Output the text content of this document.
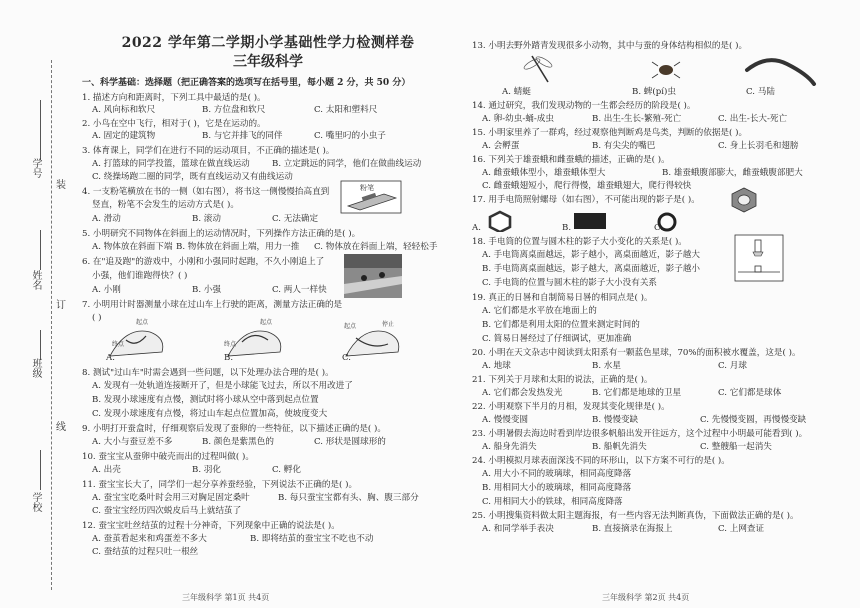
学号
姓名
班级
学校
装
订
线
2022 学年第二学期小学基础性学力检测样卷
三年级科学
一、科学基础：选择题（把正确答案的选项写在括号里，每小题 2 分，共 50 分）
1. 描述方向和距离时，下列工具中最适的是( )。
A. 风向标和软尺	B. 方位盘和软尺	C. 太阳和塑料尺
2. 小鸟在空中飞行，相对于( )，它是在运动的。
A. 固定的建筑物	B. 与它并排飞的同伴	C. 嘴里叼的小虫子
3. 体育课上，同学们在进行不同的运动项目，不正确的描述是( )。
A. 打篮球的同学投篮，篮球在做直线运动	B. 立定跳远的同学，他们在做曲线运动
C. 绕操场跑二圈的同学，既有直线运动又有曲线运动
4. 一支粉笔横放在书的一侧（如右图），将书这一侧慢慢抬高直到
竖直，粉笔不会发生的运动方式是( )。
A. 滑动	B. 滚动	C. 无法确定
粉笔
5. 小明研究不同物体在斜面上的运动情况时，下列操作方法正确的是( )。
A. 物体放在斜面下端 B. 物体放在斜面上端，用力一推 C. 物体放在斜面上端，轻轻松手
6. 在"追及跑"的游戏中，小刚和小强同时起跑，不久小刚追上了
小强，他们谁跑得快？( )
A. 小刚	B. 小强	C. 两人一样快
7. 小明用计时器测量小球在过山车上行驶的距离，测量方法正确的是
( )	起点
终点
起点
终点
停止
起点
A.	B.	C.
8. 测试"过山车"时需会遇到一些问题，以下处理办法合理的是( )。
A. 发现有一处轨道连接断开了，但是小球能飞过去，所以不用改进了
B. 发现小球速度有点慢，测试时将小球从空中落到起点位置
C. 发现小球速度有点慢，将过山车起点位置加高，使坡度变大
9. 小明打开蚕盒时，仔细观察后发现了蚕卵的一些特征，以下描述正确的是( )。
A. 大小与蚕豆差不多	B. 颜色是紫黑色的	C. 形状是圆球形的
10. 蚕宝宝从蚕卵中破壳而出的过程叫做( )。
A. 出壳	B. 羽化	C. 孵化
11. 蚕宝宝长大了，同学们一起分享养蚕经验，下列说法不正确的是( )。
A. 蚕宝宝吃桑叶时会用三对胸足固定桑叶	B. 每只蚕宝宝都有头、胸、腹三部分
C. 蚕宝宝经历四次蜕皮后马上就结茧了
12. 蚕宝宝吐丝结茧的过程十分神奇，下列现象中正确的说法是( )。
A. 蚕茧看起来和鸡蛋差不多大	B. 即将结茧的蚕宝宝不吃也不动
C. 蚕结茧的过程只吐一根丝
三年级科学 第1页 共4页
13. 小明去野外踏青发现很多小动物，其中与蚕的身体结构相似的是( )。
A. 蜻蜓	B. 蜱(pí)虫	C. 马陆
14. 通过研究，我们发现动物的一生都会经历的阶段是( )。
A. 卵-幼虫-蛹-成虫	B. 出生-生长-繁殖-死亡	C. 出生-长大-死亡
15. 小明家里养了一群鸡，经过观察他判断鸡是鸟类，判断的依据是( )。
A. 会孵蛋	B. 有尖尖的嘴巴	C. 身上长羽毛和翅膀
16. 下列关于雄蚕蛾和雌蚕蛾的描述，正确的是( )。
A. 雌蚕蛾体型小，雄蚕蛾体型大	B. 雄蚕蛾腹部膨大，雌蚕蛾腹部肥大
C. 雌蚕蛾翅短小，爬行得慢，雄蚕蛾翅大，爬行得较快
17. 用手电筒照射螺母（如右图），不可能出现的影子是( )。
A.	B.	C.
18. 手电筒的位置与圆木柱的影子大小变化的关系是( )。
A. 手电筒离桌面越远，影子越小，离桌面越近，影子越大
B. 手电筒离桌面越远，影子越大，离桌面越近，影子越小
C. 手电筒的位置与圆木柱的影子大小没有关系
19. 真正的日晷和自制简易日晷的相同点是( )。
A. 它们都是水平放在地面上的
B. 它们都是利用太阳的位置来测定时间的
C. 简易日晷经过了仔细调试，更加准确
20. 小明在天文杂志中阅读到太阳系有一颗蓝色星球，70%的面积被水覆盖，这是( )。
A. 地球	B. 水星	C. 月球
21. 下列关于月球和太阳的说法，正确的是( )。
A. 它们都会发热发光	B. 它们都是地球的卫星	C. 它们都是球体
22. 小明观察下半月的月相，发现其变化规律是( )。
A. 慢慢变圆	B. 慢慢变缺	C. 先慢慢变圆，再慢慢变缺
23. 小明暑假去海边时看到岸边很多帆船出发开往远方，这个过程中小明最可能看到( )。
A. 船身先消失	B. 船帆先消失	C. 整艘船一起消失
24. 小明模拟月球表面深浅不同的环形山，以下方案不可行的是( )。
A. 用大小不同的玻璃球，相同高度降落
B. 用相同大小的玻璃球，相同高度降落
C. 用相同大小的铁球，相同高度降落
25. 小明搜集资料做太阳主题海报，有一些内容无法判断真伪，下面做法正确的是( )。
A. 和同学举手表决	B. 直接摘录在海报上	C. 上网查证
三年级科学 第2页 共4页
